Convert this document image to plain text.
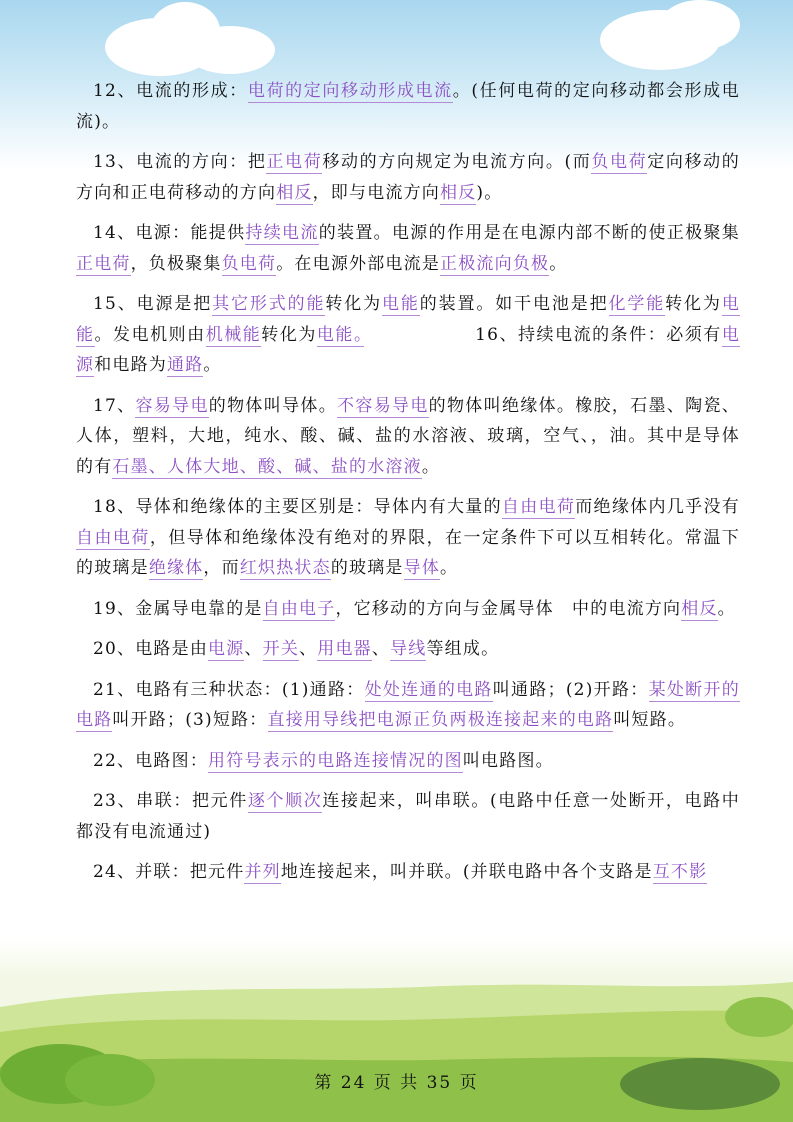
12、电流的形成：电荷的定向移动形成电流。(任何电荷的定向移动都会形成电流)。

13、电流的方向：把正电荷移动的方向规定为电流方向。(而负电荷定向移动的方向和正电荷移动的方向相反，即与电流方向相反)。

14、电源：能提供持续电流的装置。电源的作用是在电源内部不断的使正极聚集正电荷，负极聚集负电荷。在电源外部电流是正极流向负极。

15、电源是把其它形式的能转化为电能的装置。如干电池是把化学能转化为电能。发电机则由机械能转化为电能。　　　　　　16、持续电流的条件：必须有电源和电路为通路。

17、容易导电的物体叫导体。不容易导电的物体叫绝缘体。橡胶，石墨、陶瓷、人体，塑料，大地，纯水、酸、碱、盐的水溶液、玻璃，空气、，油。其中是导体的有石墨、人体大地、酸、碱、盐的水溶液。

18、导体和绝缘体的主要区别是：导体内有大量的自由电荷而绝缘体内几乎没有自由电荷，但导体和绝缘体没有绝对的界限，在一定条件下可以互相转化。常温下的玻璃是绝缘体，而红炽热状态的玻璃是导体。

19、金属导电靠的是自由电子，它移动的方向与金属导体　中的电流方向相反。

20、电路是由电源、开关、用电器、导线等组成。

21、电路有三种状态：(1)通路：处处连通的电路叫通路；(2)开路：某处断开的电路叫开路；(3)短路：直接用导线把电源正负两极连接起来的电路叫短路。

22、电路图：用符号表示的电路连接情况的图叫电路图。

23、串联：把元件逐个顺次连接起来，叫串联。(电路中任意一处断开，电路中都没有电流通过)

24、并联：把元件并列地连接起来，叫并联。(并联电路中各个支路是互不影

第 24 页 共 35 页
